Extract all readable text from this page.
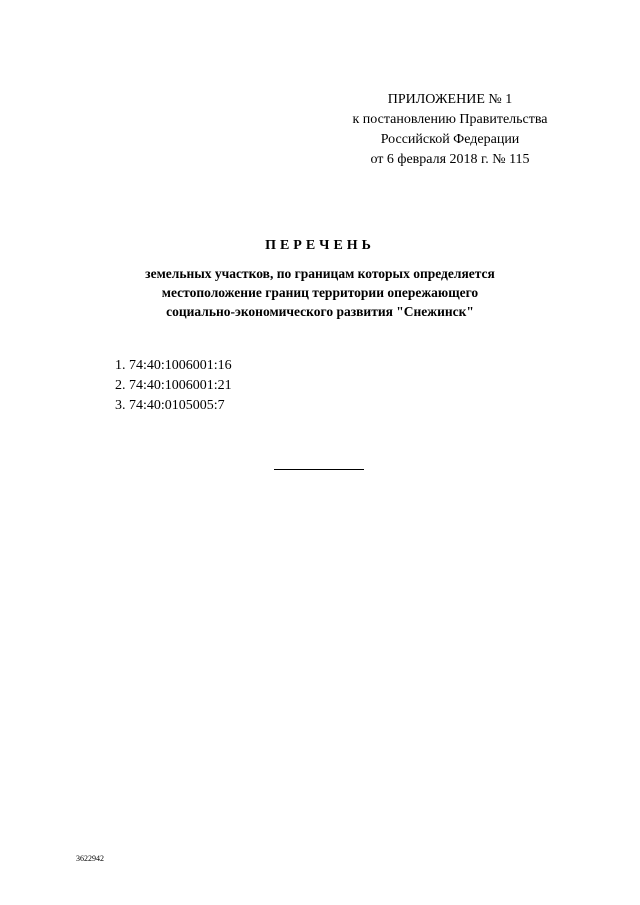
ПРИЛОЖЕНИЕ № 1
к постановлению Правительства
Российской Федерации
от 6 февраля 2018 г. № 115
ПЕРЕЧЕНЬ
земельных участков, по границам которых определяется
местоположение границ территории опережающего
социально-экономического развития "Снежинск"
1. 74:40:1006001:16
2. 74:40:1006001:21
3. 74:40:0105005:7
3622942
